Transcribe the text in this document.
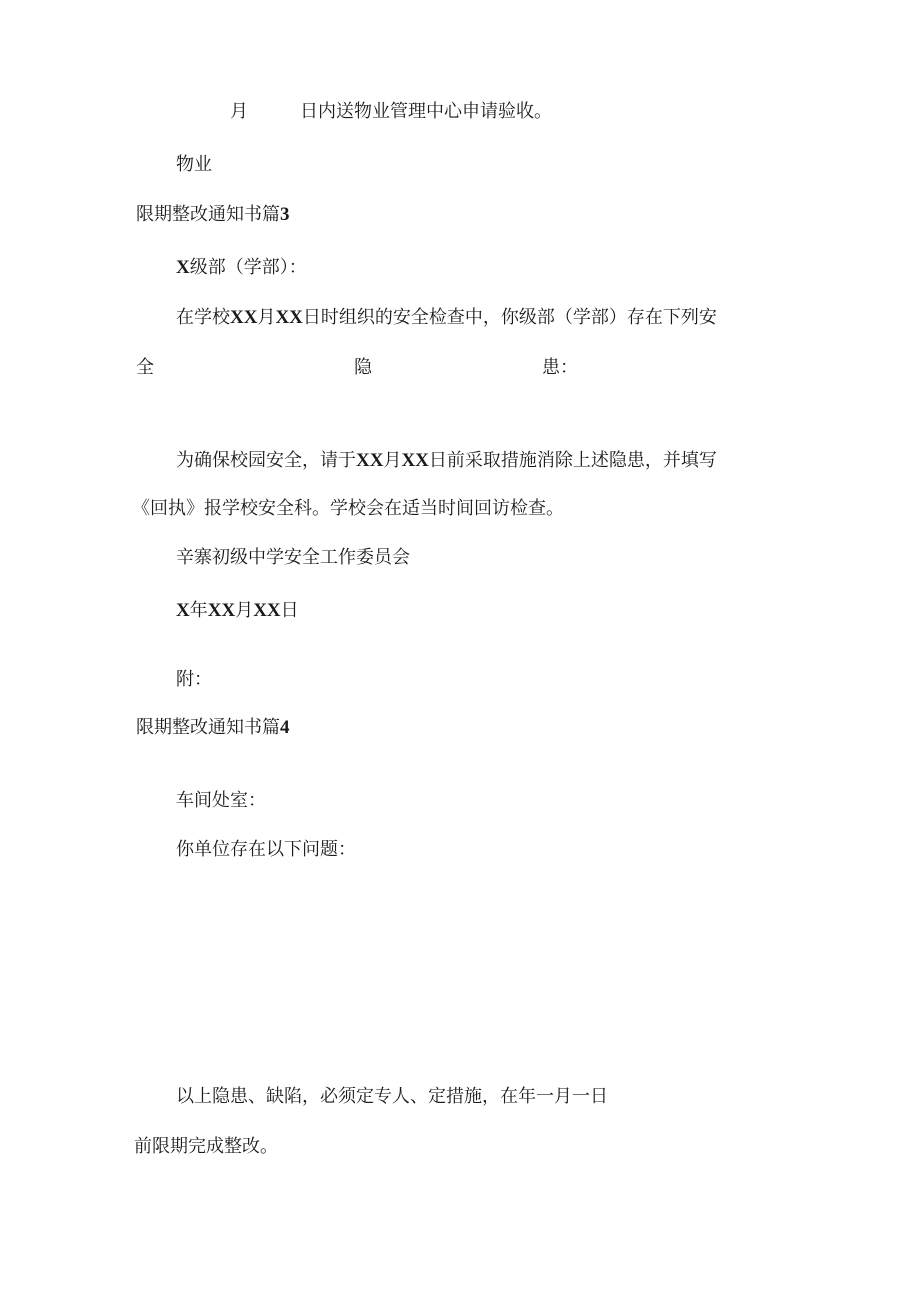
月	日内送物业管理中心申请验收。

物业

限期整改通知书篇3

X级部（学部）：

在学校XX月XX日时组织的安全检查中，你级部（学部）存在下列安

全	隐	患：

为确保校园安全，请于XX月XX日前采取措施消除上述隐患，并填写

《回执》报学校安全科。学校会在适当时间回访检查。

辛寨初级中学安全工作委员会

X年XX月XX日

附：

限期整改通知书篇4

车间处室：

你单位存在以下问题：

以上隐患、缺陷，必须定专人、定措施，在年一月一日

前限期完成整改。
